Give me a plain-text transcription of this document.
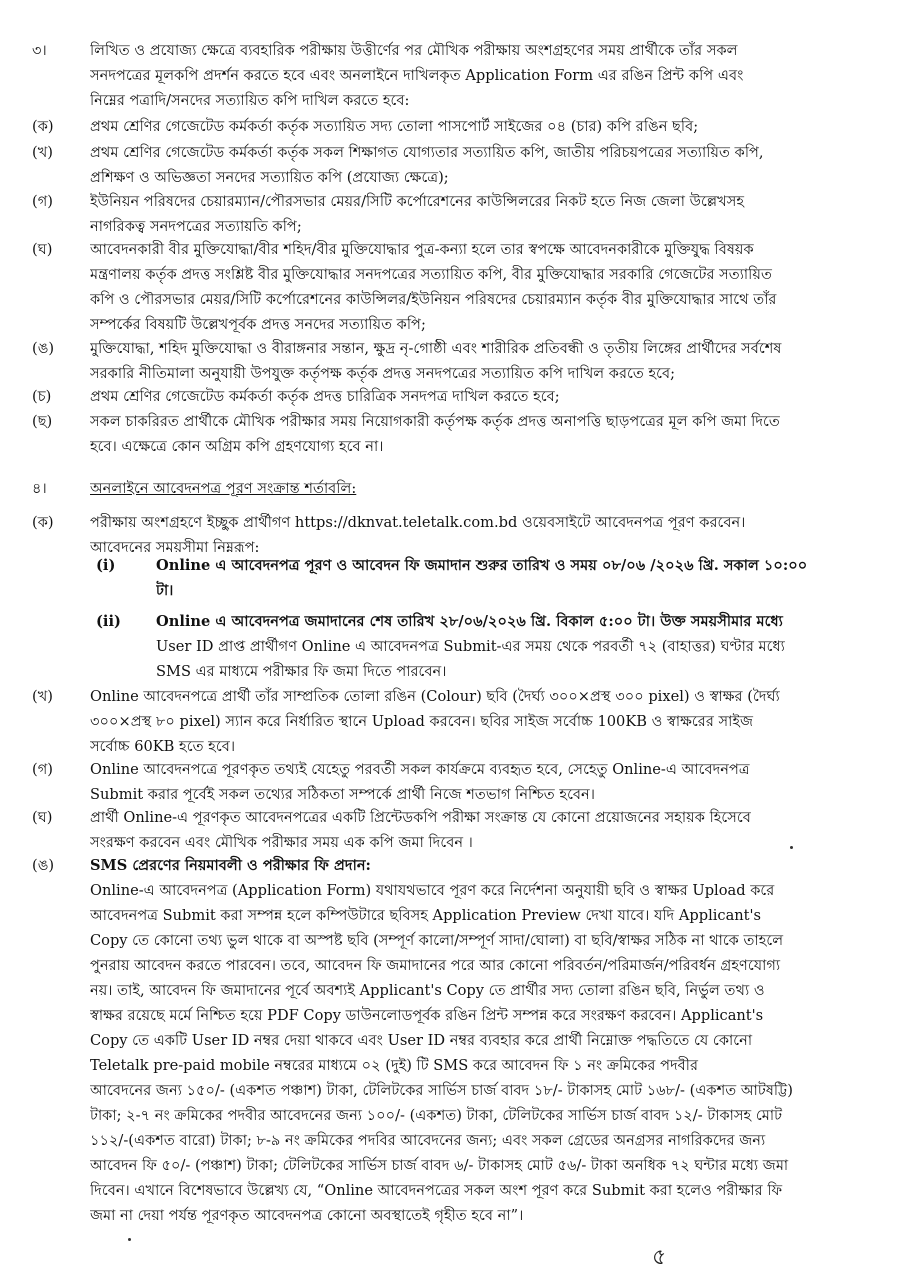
৩।	লিখিত ও প্রযোজ্য ক্ষেত্রে ব্যবহারিক পরীক্ষায় উত্তীর্ণের পর মৌখিক পরীক্ষায় অংশগ্রহণের সময় প্রার্থীকে তাঁর সকল
সনদপত্রের মূলকপি প্রদর্শন করতে হবে এবং অনলাইনে দাখিলকৃত Application Form এর রঙিন প্রিন্ট কপি এবং
নিম্নের পত্রাদি/সনদের সত্যায়িত কপি দাখিল করতে হবে:
(ক)	প্রথম শ্রেণির গেজেটেড কর্মকর্তা কর্তৃক সত্যায়িত সদ্য তোলা পাসপোর্ট সাইজের ০৪ (চার) কপি রঙিন ছবি;
(খ)	প্রথম শ্রেণির গেজেটেড কর্মকর্তা কর্তৃক সকল শিক্ষাগত যোগ্যতার সত্যায়িত কপি, জাতীয় পরিচয়পত্রের সত্যায়িত কপি,
প্রশিক্ষণ ও অভিজ্ঞতা সনদের সত্যায়িত কপি (প্রযোজ্য ক্ষেত্রে);
(গ)	ইউনিয়ন পরিষদের চেয়ারম্যান/পৌরসভার মেয়র/সিটি কর্পোরেশনের কাউন্সিলরের নিকট হতে নিজ জেলা উল্লেখসহ
নাগরিকত্ব সনদপত্রের সত্যায়তি কপি;
(ঘ)	আবেদনকারী বীর মুক্তিযোদ্ধা/বীর শহিদ/বীর মুক্তিযোদ্ধার পুত্র-কন্যা হলে তার স্বপক্ষে আবেদনকারীকে মুক্তিযুদ্ধ বিষয়ক
মন্ত্রণালয় কর্তৃক প্রদত্ত সংশ্লিষ্ট বীর মুক্তিযোদ্ধার সনদপত্রের সত্যায়িত কপি, বীর মুক্তিযোদ্ধার সরকারি গেজেটের সত্যায়িত
কপি ও পৌরসভার মেয়র/সিটি কর্পোরেশনের কাউন্সিলর/ইউনিয়ন পরিষদের চেয়ারম্যান কর্তৃক বীর মুক্তিযোদ্ধার সাথে তাঁর
সম্পর্কের বিষয়টি উল্লেখপূর্বক প্রদত্ত সনদের সত্যায়িত কপি;
(ঙ)	মুক্তিযোদ্ধা, শহিদ মুক্তিযোদ্ধা ও বীরাঙ্গনার সন্তান, ক্ষুদ্র নৃ-গোষ্ঠী এবং শারীরিক প্রতিবন্ধী ও তৃতীয় লিঙ্গের প্রার্থীদের সর্বশেষ
সরকারি নীতিমালা অনুযায়ী উপযুক্ত কর্তৃপক্ষ কর্তৃক প্রদত্ত সনদপত্রের সত্যায়িত কপি দাখিল করতে হবে;
(চ)	প্রথম শ্রেণির গেজেটেড কর্মকর্তা কর্তৃক প্রদত্ত চারিত্রিক সনদপত্র দাখিল করতে হবে;
(ছ)	সকল চাকরিরত প্রার্থীকে মৌখিক পরীক্ষার সময় নিয়োগকারী কর্তৃপক্ষ কর্তৃক প্রদত্ত অনাপত্তি ছাড়পত্রের মূল কপি জমা দিতে
হবে। এক্ষেত্রে কোন অগ্রিম কপি গ্রহণযোগ্য হবে না।
৪।	অনলাইনে আবেদনপত্র পূরণ সংক্রান্ত শর্তাবলি:
(ক)	পরীক্ষায় অংশগ্রহণে ইচ্ছুক প্রার্থীগণ https://dknvat.teletalk.com.bd ওয়েবসাইটে আবেদনপত্র পূরণ করবেন।
আবেদনের সময়সীমা নিম্নরূপ:
(i)	Online এ আবেদনপত্র পূরণ ও আবেদন ফি জমাদান শুরুর তারিখ ও সময় ০৮/০৬ /২০২৬ খ্রি. সকাল ১০:০০
টা।
(ii)	Online এ আবেদনপত্র জমাদানের শেষ তারিখ ২৮/০৬/২০২৬ খ্রি. বিকাল ৫:০০ টা। উক্ত সময়সীমার মধ্যে
User ID প্রাপ্ত প্রার্থীগণ Online এ আবেদনপত্র Submit-এর সময় থেকে পরবর্তী ৭২ (বাহাত্তর) ঘণ্টার মধ্যে
SMS এর মাধ্যমে পরীক্ষার ফি জমা দিতে পারবেন।
(খ)	Online আবেদনপত্রে প্রার্থী তাঁর সাম্প্রতিক তোলা রঙিন (Colour) ছবি (দৈর্ঘ্য ৩০০×প্রস্থ ৩০০ pixel) ও স্বাক্ষর (দৈর্ঘ্য
৩০০×প্রস্থ ৮০ pixel) স্যান করে নির্ধারিত স্থানে Upload করবেন। ছবির সাইজ সর্বোচ্চ 100KB ও স্বাক্ষরের সাইজ
সর্বোচ্চ 60KB হতে হবে।
(গ)	Online আবেদনপত্রে পূরণকৃত তথ্যই যেহেতু পরবর্তী সকল কার্যক্রমে ব্যবহৃত হবে, সেহেতু Online-এ আবেদনপত্র
Submit করার পূর্বেই সকল তথ্যের সঠিকতা সম্পর্কে প্রার্থী নিজে শতভাগ নিশ্চিত হবেন।
(ঘ)	প্রার্থী Online-এ পূরণকৃত আবেদনপত্রের একটি প্রিন্টেডকপি পরীক্ষা সংক্রান্ত যে কোনো প্রয়োজনের সহায়ক হিসেবে
সংরক্ষণ করবেন এবং মৌখিক পরীক্ষার সময় এক কপি জমা দিবেন ।
(ঙ)	SMS প্রেরণের নিয়মাবলী ও পরীক্ষার ফি প্রদান:
Online-এ আবেদনপত্র (Application Form) যথাযথভাবে পূরণ করে নির্দেশনা অনুযায়ী ছবি ও স্বাক্ষর Upload করে
আবেদনপত্র Submit করা সম্পন্ন হলে কম্পিউটারে ছবিসহ Application Preview দেখা যাবে। যদি Applicant's
Copy তে কোনো তথ্য ভুল থাকে বা অস্পষ্ট ছবি (সম্পূর্ণ কালো/সম্পূর্ণ সাদা/ঘোলা) বা ছবি/স্বাক্ষর সঠিক না থাকে তাহলে
পুনরায় আবেদন করতে পারবেন। তবে, আবেদন ফি জমাদানের পরে আর কোনো পরিবর্তন/পরিমার্জন/পরিবর্ধন গ্রহণযোগ্য
নয়। তাই, আবেদন ফি জমাদানের পূর্বে অবশ্যই Applicant's Copy তে প্রার্থীর সদ্য তোলা রঙিন ছবি, নির্ভুল তথ্য ও
স্বাক্ষর রয়েছে মর্মে নিশ্চিত হয়ে PDF Copy ডাউনলোডপূর্বক রঙিন প্রিন্ট সম্পন্ন করে সংরক্ষণ করবেন। Applicant's
Copy তে একটি User ID নম্বর দেয়া থাকবে এবং User ID নম্বর ব্যবহার করে প্রার্থী নিম্নোক্ত পদ্ধতিতে যে কোনো
Teletalk pre-paid mobile নম্বরের মাধ্যমে ০২ (দুই) টি SMS করে আবেদন ফি ১ নং ক্রমিকের পদবীর
আবেদনের জন্য ১৫০/- (একশত পঞ্চাশ) টাকা, টেলিটকের সার্ভিস চার্জ বাবদ ১৮/- টাকাসহ মোট ১৬৮/- (একশত আটষট্টি)
টাকা; ২-৭ নং ক্রমিকের পদবীর আবেদনের জন্য ১০০/- (একশত) টাকা, টেলিটকের সার্ভিস চার্জ বাবদ ১২/- টাকাসহ মোট
১১২/-(একশত বারো) টাকা; ৮-৯ নং ক্রমিকের পদবির আবেদনের জন্য; এবং সকল গ্রেডের অনগ্রসর নাগরিকদের জন্য
আবেদন ফি ৫০/- (পঞ্চাশ) টাকা; টেলিটকের সার্ভিস চার্জ বাবদ ৬/- টাকাসহ মোট ৫৬/- টাকা অনধিক ৭২ ঘন্টার মধ্যে জমা
দিবেন। এখানে বিশেষভাবে উল্লেখ্য যে, “Online আবেদনপত্রের সকল অংশ পূরণ করে Submit করা হলেও পরীক্ষার ফি
জমা না দেয়া পর্যন্ত পূরণকৃত আবেদনপত্র কোনো অবস্থাতেই গৃহীত হবে না”।
৫
